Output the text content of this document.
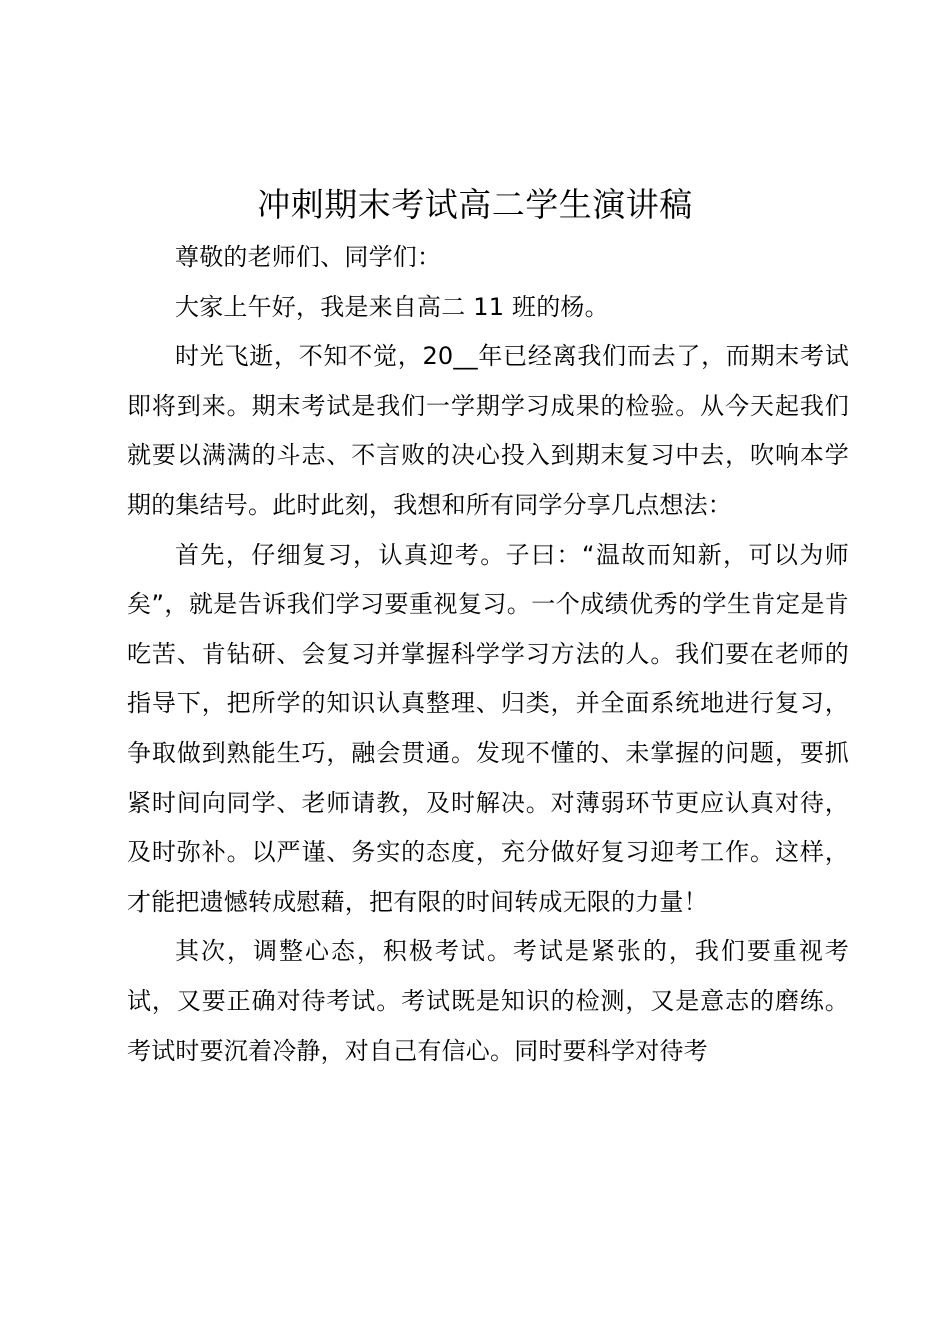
冲刺期末考试高二学生演讲稿

尊敬的老师们、同学们：

大家上午好，我是来自高二 11 班的杨。

时光飞逝，不知不觉，20__年已经离我们而去了，而期末考试即将到来。期末考试是我们一学期学习成果的检验。从今天起我们就要以满满的斗志、不言败的决心投入到期末复习中去，吹响本学期的集结号。此时此刻，我想和所有同学分享几点想法：

首先，仔细复习，认真迎考。子曰：“温故而知新，可以为师矣”，就是告诉我们学习要重视复习。一个成绩优秀的学生肯定是肯吃苦、肯钻研、会复习并掌握科学学习方法的人。我们要在老师的指导下，把所学的知识认真整理、归类，并全面系统地进行复习，争取做到熟能生巧，融会贯通。发现不懂的、未掌握的问题，要抓紧时间向同学、老师请教，及时解决。对薄弱环节更应认真对待，及时弥补。以严谨、务实的态度，充分做好复习迎考工作。这样，才能把遗憾转成慰藉，把有限的时间转成无限的力量！

其次，调整心态，积极考试。考试是紧张的，我们要重视考试，又要正确对待考试。考试既是知识的检测，又是意志的磨练。考试时要沉着冷静，对自己有信心。同时要科学对待考
